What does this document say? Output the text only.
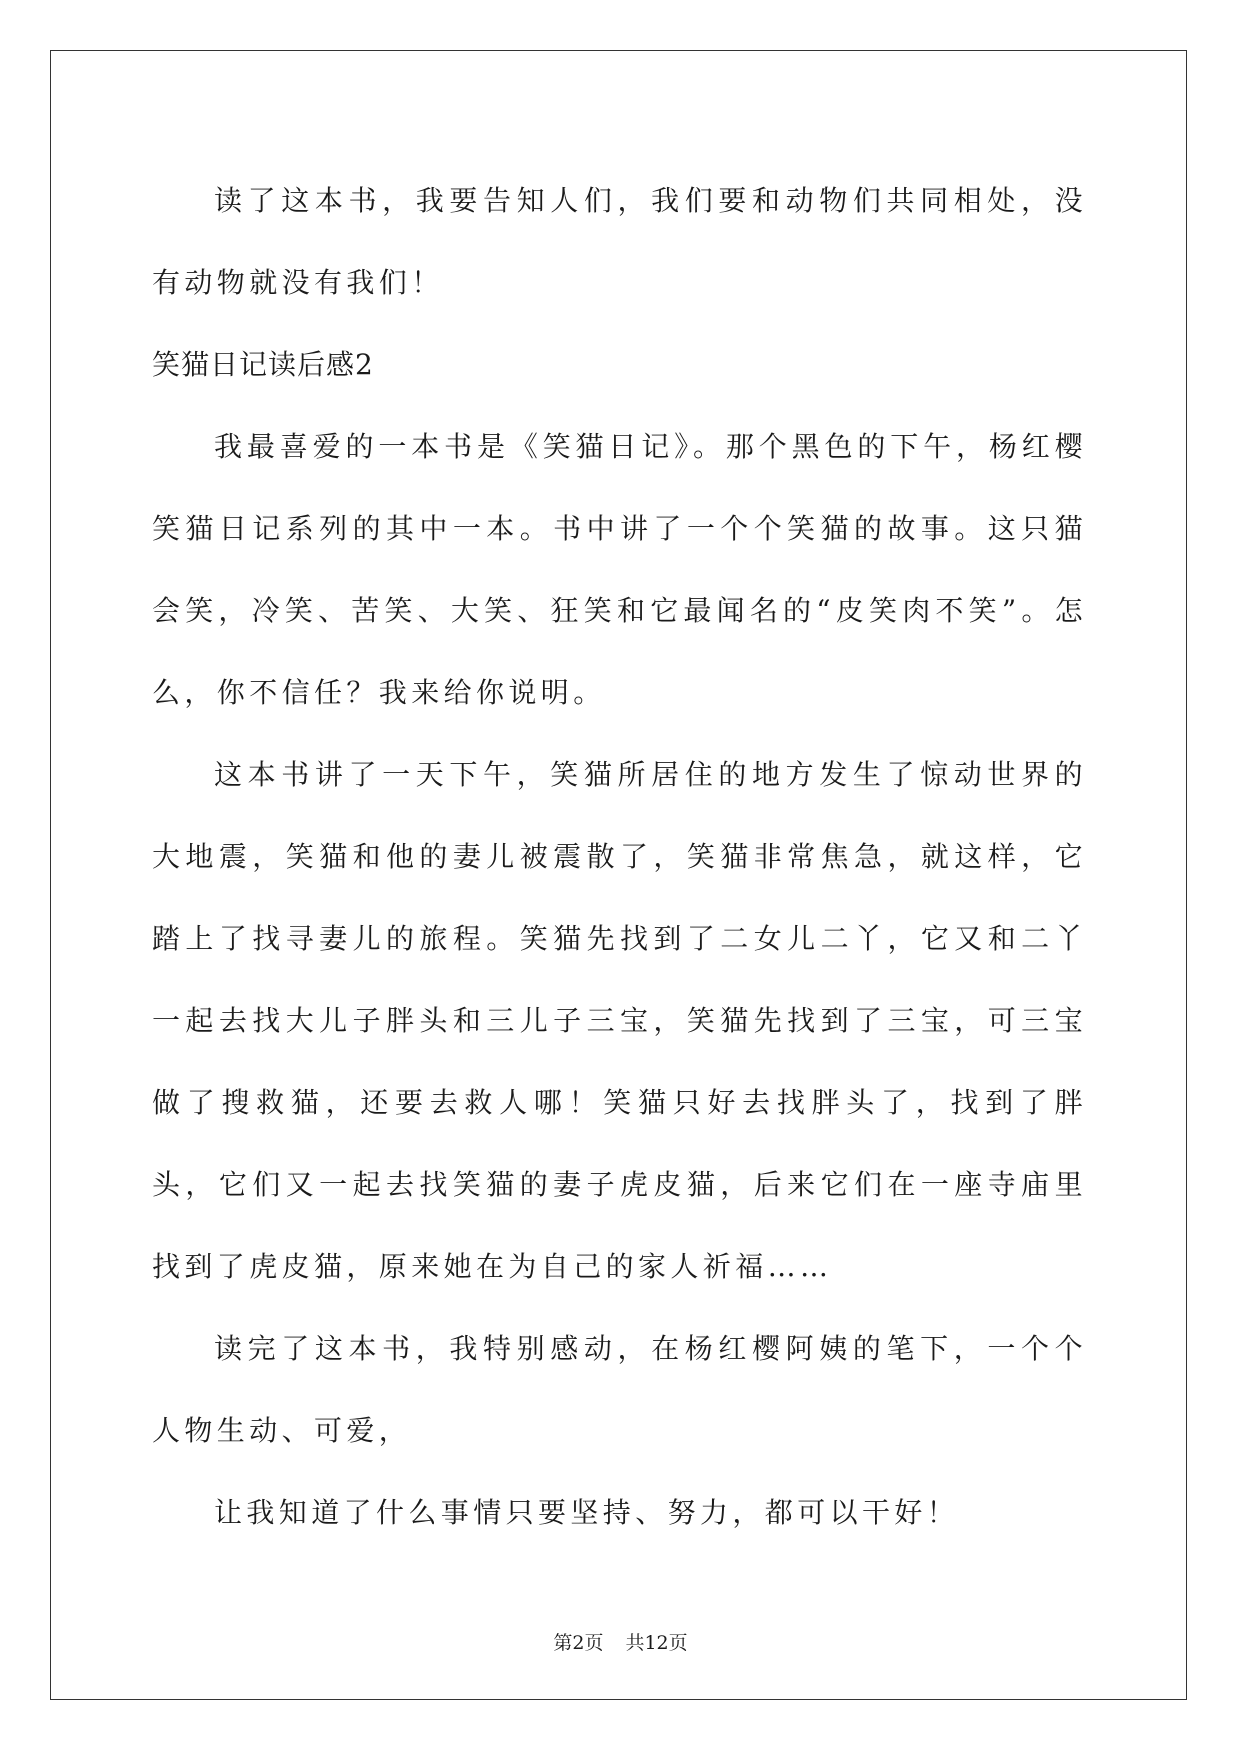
读了这本书，我要告知人们，我们要和动物们共同相处，没有动物就没有我们！

笑猫日记读后感2

我最喜爱的一本书是《笑猫日记》。那个黑色的下午，杨红樱笑猫日记系列的其中一本。书中讲了一个个笑猫的故事。这只猫会笑，冷笑、苦笑、大笑、狂笑和它最闻名的“皮笑肉不笑”。怎么，你不信任？我来给你说明。

这本书讲了一天下午，笑猫所居住的地方发生了惊动世界的大地震，笑猫和他的妻儿被震散了，笑猫非常焦急，就这样，它踏上了找寻妻儿的旅程。笑猫先找到了二女儿二丫，它又和二丫一起去找大儿子胖头和三儿子三宝，笑猫先找到了三宝，可三宝做了搜救猫，还要去救人哪！笑猫只好去找胖头了，找到了胖头，它们又一起去找笑猫的妻子虎皮猫，后来它们在一座寺庙里找到了虎皮猫，原来她在为自己的家人祈福……

读完了这本书，我特别感动，在杨红樱阿姨的笔下，一个个人物生动、可爱，

让我知道了什么事情只要坚持、努力，都可以干好！

第2页 共12页
